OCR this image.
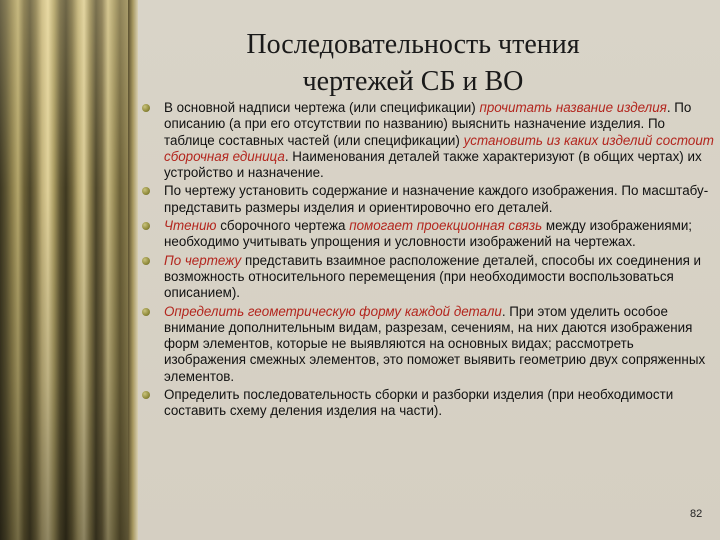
Последовательность чтения
чертежей СБ и ВО
В основной надписи чертежа (или спецификации) прочитать название изделия. По описанию (а при его отсутствии по названию) выяснить назначение изделия. По таблице составных частей (или спецификации) установить из каких изделий состоит сборочная единица. Наименования деталей также характеризуют (в общих чертах) их устройство и назначение.
По чертежу установить содержание и назначение каждого изображения. По масштабу- представить размеры изделия и ориентировочно его деталей.
Чтению сборочного чертежа помогает проекционная связь между изображениями; необходимо учитывать упрощения и условности изображений на чертежах.
По чертежу представить взаимное расположение деталей, способы их соединения и возможность относительного перемещения (при необходимости воспользоваться описанием).
Определить геометрическую форму каждой детали. При этом уделить особое внимание дополнительным видам, разрезам, сечениям, на них даются изображения форм элементов, которые не выявляются на основных видах; рассмотреть изображения смежных элементов, это поможет выявить геометрию двух сопряженных элементов.
Определить последовательность сборки и разборки изделия (при необходимости составить схему деления изделия на части).
82
